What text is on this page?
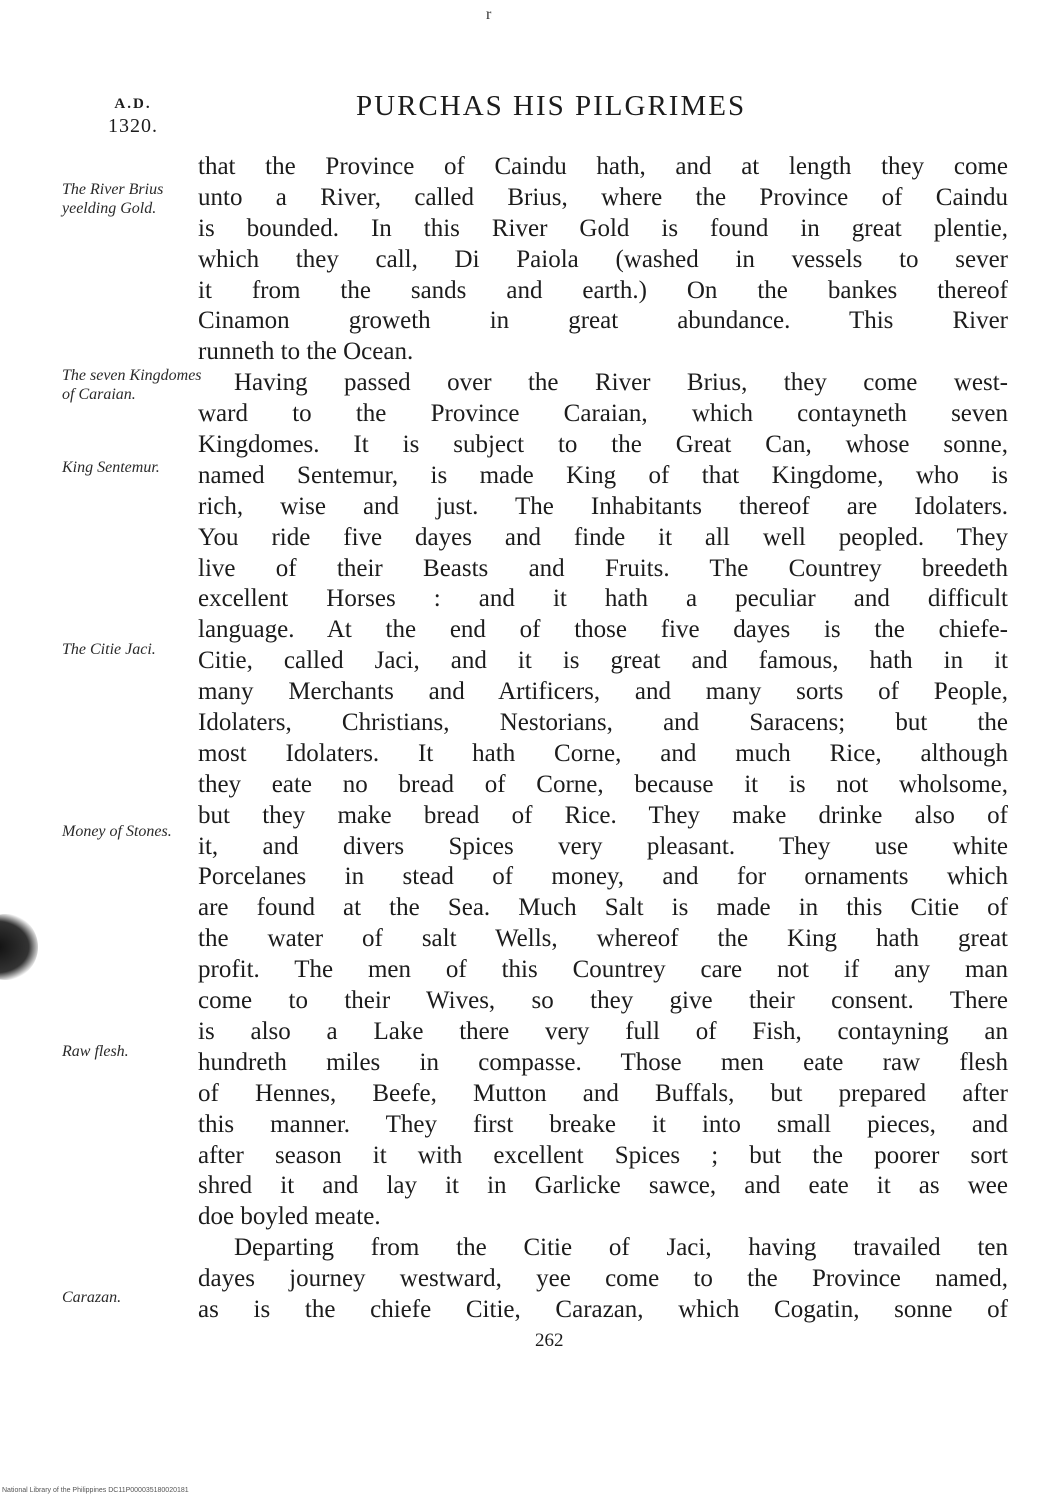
r
A.D.
1320.
PURCHAS HIS PILGRIMES
The River Brius yeelding Gold.
The seven Kingdomes of Caraian.
King Sentemur.
The Citie Jaci.
Money of Stones.
Raw flesh.
Carazan.
that the Province of Caindu hath, and at length they come
unto a River, called Brius, where the Province of Caindu
is bounded. In this River Gold is found in great plentie,
which they call, Di Paiola (washed in vessels to sever
it from the sands and earth.) On the bankes thereof
Cinamon groweth in great abundance. This River
runneth to the Ocean.
Having passed over the River Brius, they come west-
ward to the Province Caraian, which contayneth seven
Kingdomes. It is subject to the Great Can, whose sonne,
named Sentemur, is made King of that Kingdome, who is
rich, wise and just. The Inhabitants thereof are Idolaters.
You ride five dayes and finde it all well peopled. They
live of their Beasts and Fruits. The Countrey breedeth
excellent Horses : and it hath a peculiar and difficult
language. At the end of those five dayes is the chiefe-
Citie, called Jaci, and it is great and famous, hath in it
many Merchants and Artificers, and many sorts of People,
Idolaters, Christians, Nestorians, and Saracens; but the
most Idolaters. It hath Corne, and much Rice, although
they eate no bread of Corne, because it is not wholsome,
but they make bread of Rice. They make drinke also of
it, and divers Spices very pleasant. They use white
Porcelanes in stead of money, and for ornaments which
are found at the Sea. Much Salt is made in this Citie of
the water of salt Wells, whereof the King hath great
profit. The men of this Countrey care not if any man
come to their Wives, so they give their consent. There
is also a Lake there very full of Fish, contayning an
hundreth miles in compasse. Those men eate raw flesh
of Hennes, Beefe, Mutton and Buffals, but prepared after
this manner. They first breake it into small pieces, and
after season it with excellent Spices ; but the poorer sort
shred it and lay it in Garlicke sawce, and eate it as wee
doe boyled meate.
Departing from the Citie of Jaci, having travailed ten
dayes journey westward, yee come to the Province named,
as is the chiefe Citie, Carazan, which Cogatin, sonne of
262
National Library of the Philippines DC11P000035180020181
